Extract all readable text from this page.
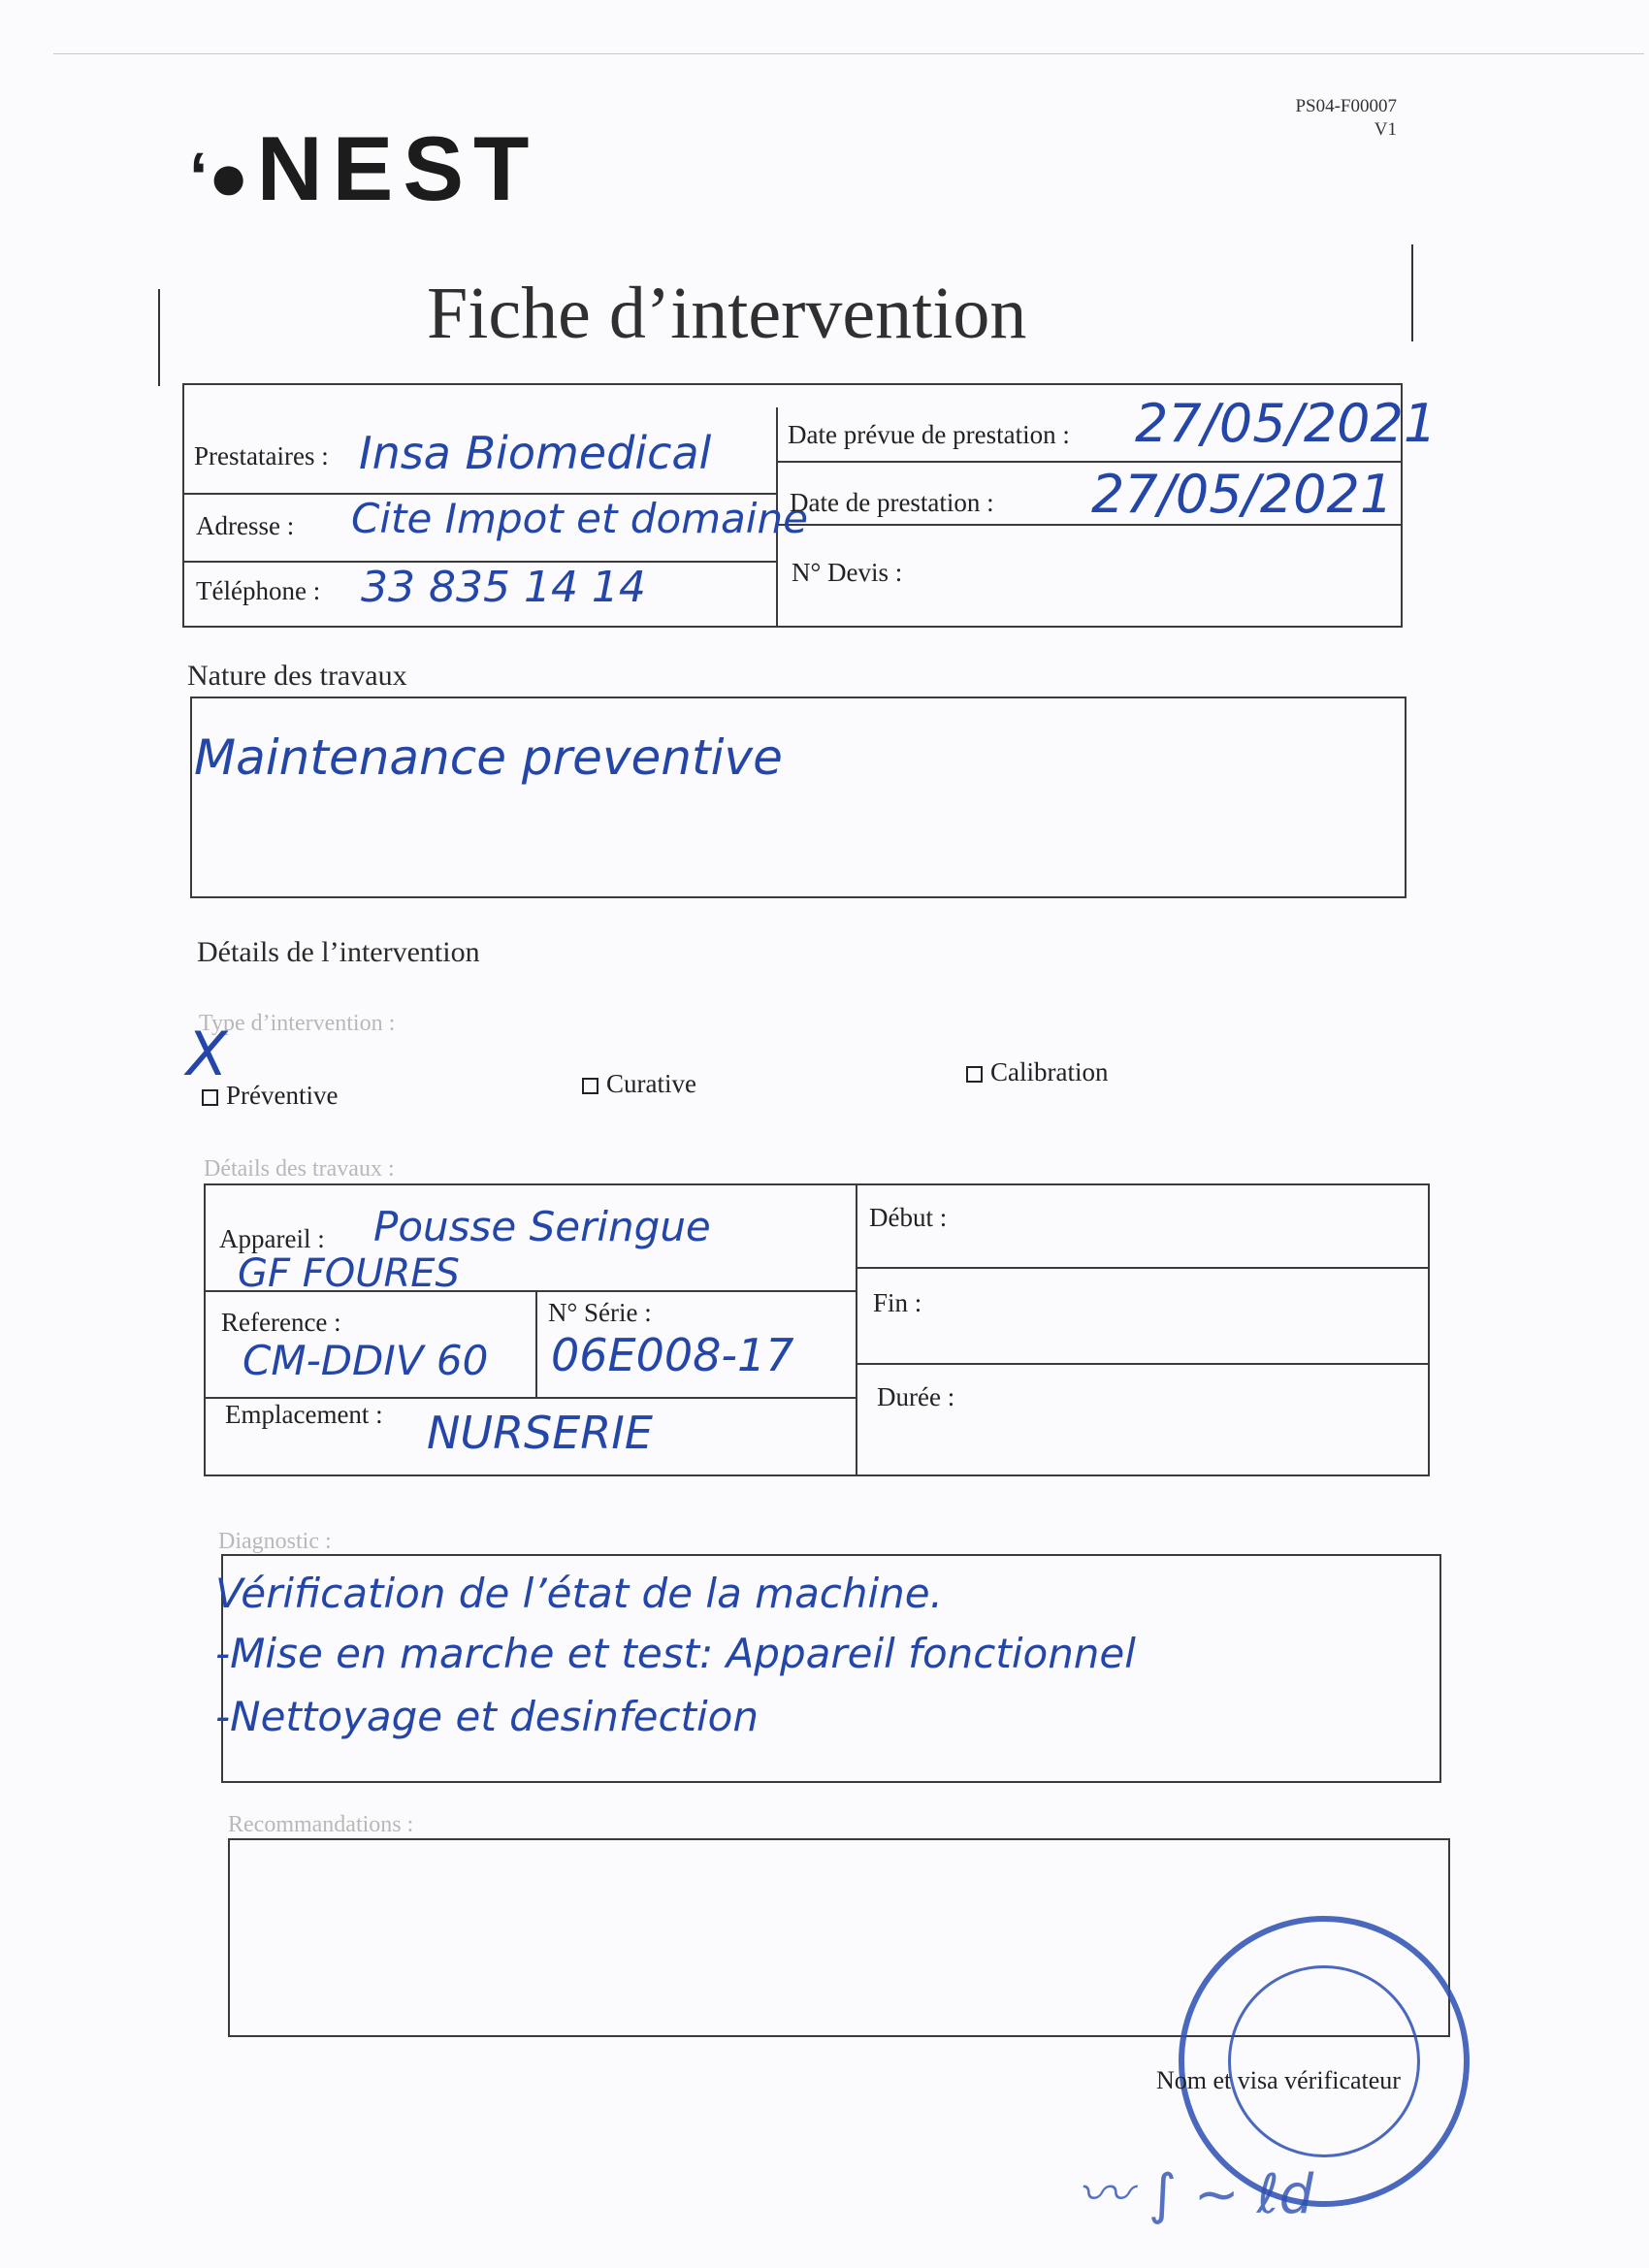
PS04-F00007
V1
‘●NEST
Fiche d’intervention
Prestataires : Insa Biomedical
Adresse : Cite Impot et domaine
Téléphone : 33 835 14 14
Date prévue de prestation : 27/05/2021
Date de prestation : 27/05/2021
N° Devis :
Nature des travaux
Maintenance preventive
Détails de l’intervention
Type d’intervention :
X
Préventive	Curative	Calibration
Détails des travaux :
Appareil : Pousse Seringue
GF FOURES
Reference :
CM-DDIV 60
N° Série :
06E008-17
Emplacement : NURSERIE
Début :
Fin :
Durée :
Diagnostic :
Vérification de l’état de la machine.
-Mise en marche et test: Appareil fonctionnel
-Nettoyage et desinfection
Recommandations :
Nom et visa vérificateur
〰 ∫ ~ ℓd
